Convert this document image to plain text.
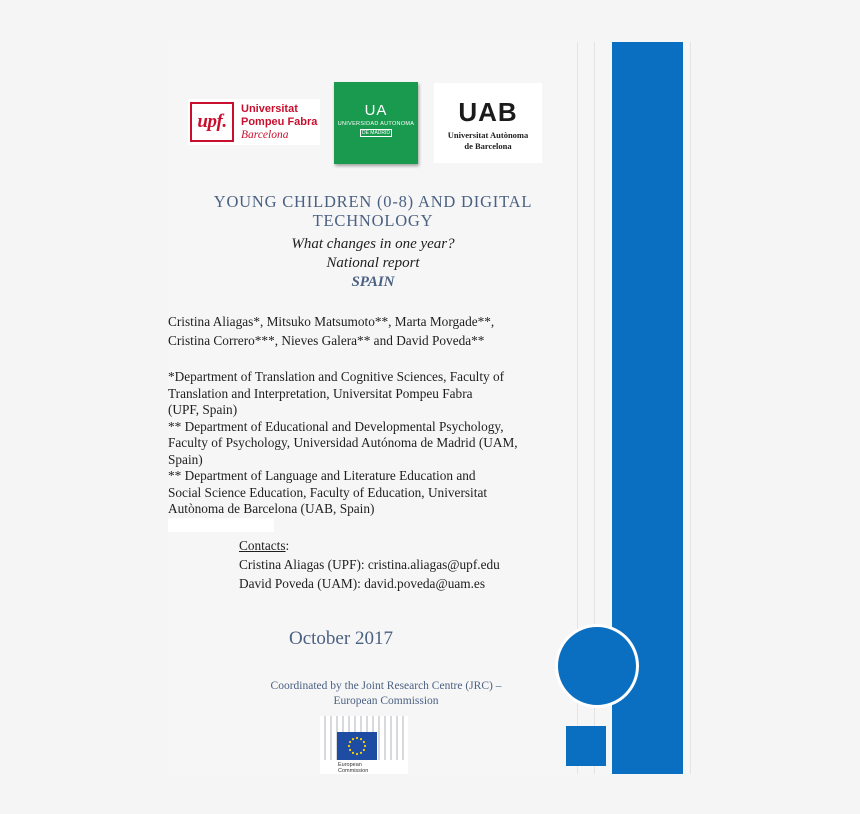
upf.
Universitat
Pompeu Fabra
Barcelona
UA
UNIVERSIDAD AUTONOMA
DE MADRID
UAB
Universitat Autònoma
de Barcelona
YOUNG CHILDREN (0-8) AND DIGITAL
TECHNOLOGY
What changes in one year?
National report
SPAIN
Cristina Aliagas*, Mitsuko Matsumoto**, Marta Morgade**,
Cristina Correro***, Nieves Galera** and David Poveda**
*Department of Translation and Cognitive Sciences, Faculty of
Translation and Interpretation, Universitat Pompeu Fabra
(UPF, Spain)
** Department of Educational and Developmental Psychology,
Faculty of Psychology, Universidad Autónoma de Madrid (UAM,
Spain)
** Department of Language and Literature Education and
Social Science Education, Faculty of Education, Universitat
Autònoma de Barcelona (UAB, Spain)
Contacts:
Cristina Aliagas (UPF): cristina.aliagas@upf.edu
David Poveda (UAM): david.poveda@uam.es
October 2017
Coordinated by the Joint Research Centre (JRC) –
European Commission
European
Commission
